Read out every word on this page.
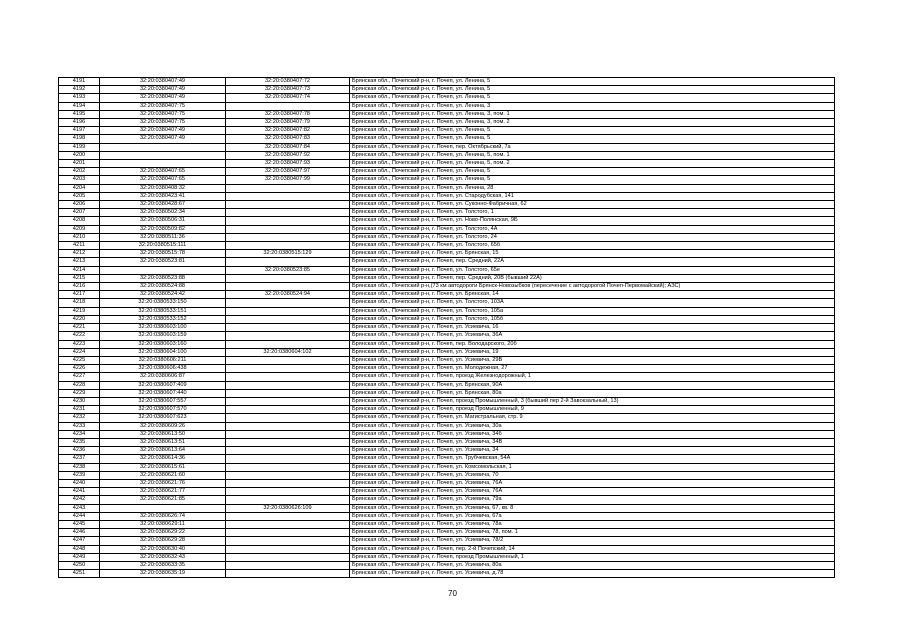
4191	32:20:0380407:49	32:20:0380407:72	Брянская обл., Почепский р-н, г. Почеп, ул. Ленина, 5
4192	32:20:0380407:49	32:20:0380407:73	Брянская обл., Почепский р-н, г. Почеп, ул. Ленина, 5
4193	32:20:0380407:49	32:20:0380407:74	Брянская обл., Почепский р-н, г. Почеп, ул. Ленина, 5
4194	32:20:0380407:75		Брянская обл., Почепский р-н, г. Почеп, ул. Ленина, 3
4195	32:20:0380407:75	32:20:0380407:78	Брянская обл., Почепский р-н, г. Почеп, ул. Ленина, 3, пом. 1
4196	32:20:0380407:75	32:20:0380407:79	Брянская обл., Почепский р-н, г. Почеп, ул. Ленина, 3, пом. 2
4197	32:20:0380407:49	32:20:0380407:82	Брянская обл., Почепский р-н, г. Почеп, ул. Ленина, 5
4198	32:20:0380407:49	32:20:0380407:83	Брянская обл., Почепский р-н, г. Почеп, ул. Ленина, 5
4199		32:20:0380407:84	Брянская обл., Почепский р-н, г. Почеп, пер. Октябрьский, 7а
4200		32:20:0380407:92	Брянская обл., Почепский р-н, г. Почеп, ул. Ленина, 5, пом. 1
4201		32:20:0380407:93	Брянская обл., Почепский р-н, г. Почеп, ул. Ленина, 5, пом. 2
4202	32:20:0380407:65	32:20:0380407:97	Брянская обл., Почепский р-н, г. Почеп, ул. Ленина, 5
4203	32:20:0380407:65	32:20:0380407:99	Брянская обл., Почепский р-н, г. Почеп, ул. Ленина, 5
4204	32:20:0380408:32		Брянская обл., Почепский р-н, г. Почеп, ул. Ленина, 28
4205	32:20:0380423:41		Брянская обл., Почепский р-н, г. Почеп, ул. Стародубская, 141
4206	32:20:0380428:67		Брянская обл., Почепский р-н, г. Почеп, ул. Суконно-Фабричная, 62
4207	32:20:0380502:34		Брянская обл., Почепский р-н, г. Почеп, ул. Толстого, 1
4208	32:20:0380506:31		Брянская обл., Почепский р-н, г. Почеп, ул. Ново-Полянская, 9Б
4209	32:20:0380509:82		Брянская обл., Почепский р-н, г. Почеп, ул. Толстого, 4А
4210	32:20:0380511:36		Брянская обл., Почепский р-н, г. Почеп, ул. Толстого, 24
4211	32:20:0380515:111		Брянская обл., Почепский р-н, г. Почеп, ул. Толстого, 65б
4212	32:20:0380515:78	32:20:0380515:129	Брянская обл., Почепский р-н, г. Почеп, ул. Брянская, 15
4213	32:20:0380523:81		Брянская обл., Почепский р-н, г. Почеп, пер. Средний, 22А
4214		32:20:0380523:85	Брянская обл., Почепский р-н, г. Почеп, ул. Толстого, 65е
4215	32:20:0380523:88		Брянская обл., Почепский р-н, г. Почеп, пер. Средний, 20В (бывший 22А)
4216	32:20:0380524:88		Брянская обл., Почепский р-н,(73 км автодороги Брянск-Новозыбков (пересечение с автодорогой Почеп-Первомайский); АЗС)
4217	32:20:0380524:42	32:20:0380524:94	Брянская обл., Почепский р-н, г. Почеп, ул. Брянская, 14
4218	32:20:0380533:150		Брянская обл., Почепский р-н, г. Почеп, ул. Толстого, 103А
4219	32:20:0380533:151		Брянская обл., Почепский р-н, г. Почеп, ул. Толстого, 105а
4220	32:20:0380533:152		Брянская обл., Почепский р-н, г. Почеп, ул. Толстого, 105б
4221	32:20:0380603:100		Брянская обл., Почепский р-н, г. Почеп, ул. Усиевича, 16
4222	32:20:0380603:159		Брянская обл., Почепский р-н, г. Почеп, ул. Усиевича, 36А
4223	32:20:0380603:160		Брянская обл., Почепский р-н, г. Почеп, пер. Володарского, 20б
4224	32:20:0380604:100	32:20:0380604:102	Брянская обл., Почепский р-н, г. Почеп, ул. Усиевича, 19
4225	32:20:0380606:211		Брянская обл., Почепский р-н, г. Почеп, ул. Усиевича, 29В
4226	32:20:0380606:438		Брянская обл., Почепский р-н, г. Почеп, ул. Молодежная, 27
4227	32:20:0380606:87		Брянская обл., Почепский р-н, г. Почеп, проезд Железнодорожный, 1
4228	32:20:0380607:409		Брянская обл., Почепский р-н, г. Почеп, ул. Брянская, 90А
4229	32:20:0380607:440		Брянская обл., Почепский р-н, г. Почеп, ул. Брянская, 80а
4230	32:20:0380607:557		Брянская обл., Почепский р-н, г. Почеп, проезд Промышленный, 3 (бывший пер 2-й Завокзальный, 13)
4231	32:20:0380607:570		Брянская обл., Почепский р-н, г. Почеп, проезд Промышленный, 9
4232	32:20:0380607:623		Брянская обл., Почепский р-н, г. Почеп, ул. Магистральная, стр. 9
4233	32:20:0380609:26		Брянская обл., Почепский р-н, г. Почеп, ул. Усиевича, 30а
4234	32:20:0380613:50		Брянская обл., Почепский р-н, г. Почеп, ул. Усиевича, 34б
4235	32:20:0380613:51		Брянская обл., Почепский р-н, г. Почеп, ул. Усиевича, 34В
4236	32:20:0380613:64		Брянская обл., Почепский р-н, г. Почеп, ул. Усиевича, 34
4237	32:20:0380614:36		Брянская обл., Почепский р-н, г. Почеп, ул. Трубчевская, 54А
4238	32:20:0380615:61		Брянская обл., Почепский р-н, г. Почеп, ул. Комсомольская, 1
4239	32:20:0380621:60		Брянская обл., Почепский р-н, г. Почеп, ул. Усиевича, 70
4240	32:20:0380621:76		Брянская обл., Почепский р-н, г. Почеп, ул. Усиевича, 76А
4241	32:20:0380621:77		Брянская обл., Почепский р-н, г. Почеп, ул. Усиевича, 76А
4242	32:20:0380621:85		Брянская обл., Почепский р-н, г. Почеп, ул. Усиевича, 79а
4243		32:20:0380626:109	Брянская обл., Почепский р-н, г. Почеп, ул. Усиевича, 67, кв. 8
4244	32:20:0380626:74		Брянская обл., Почепский р-н, г. Почеп, ул. Усиевича, 67а
4245	32:20:0380629:11		Брянская обл., Почепский р-н, г. Почеп, ул. Усиевича, 78а
4246	32:20:0380629:22		Брянская обл., Почепский р-н, г. Почеп, ул. Усиевича, 78, пом. 1
4247	32:20:0380629:28		Брянская обл., Почепский р-н, г. Почеп, ул. Усиевича, 78/2
4248	32:20:0380630:40		Брянская обл., Почепский р-н, г. Почеп, пер. 2-й Почепский, 14
4249	32:20:0380632:43		Брянская обл., Почепский р-н, г. Почеп, проезд Промышленный, 1
4250	32:20:0380633:35		Брянская обл., Почепский р-н, г. Почеп, ул. Усиевича, 80а
4251	32:20:0380635:19		Брянская обл., Почепский р-н, г. Почеп, ул. Усиевича, д.78
70
